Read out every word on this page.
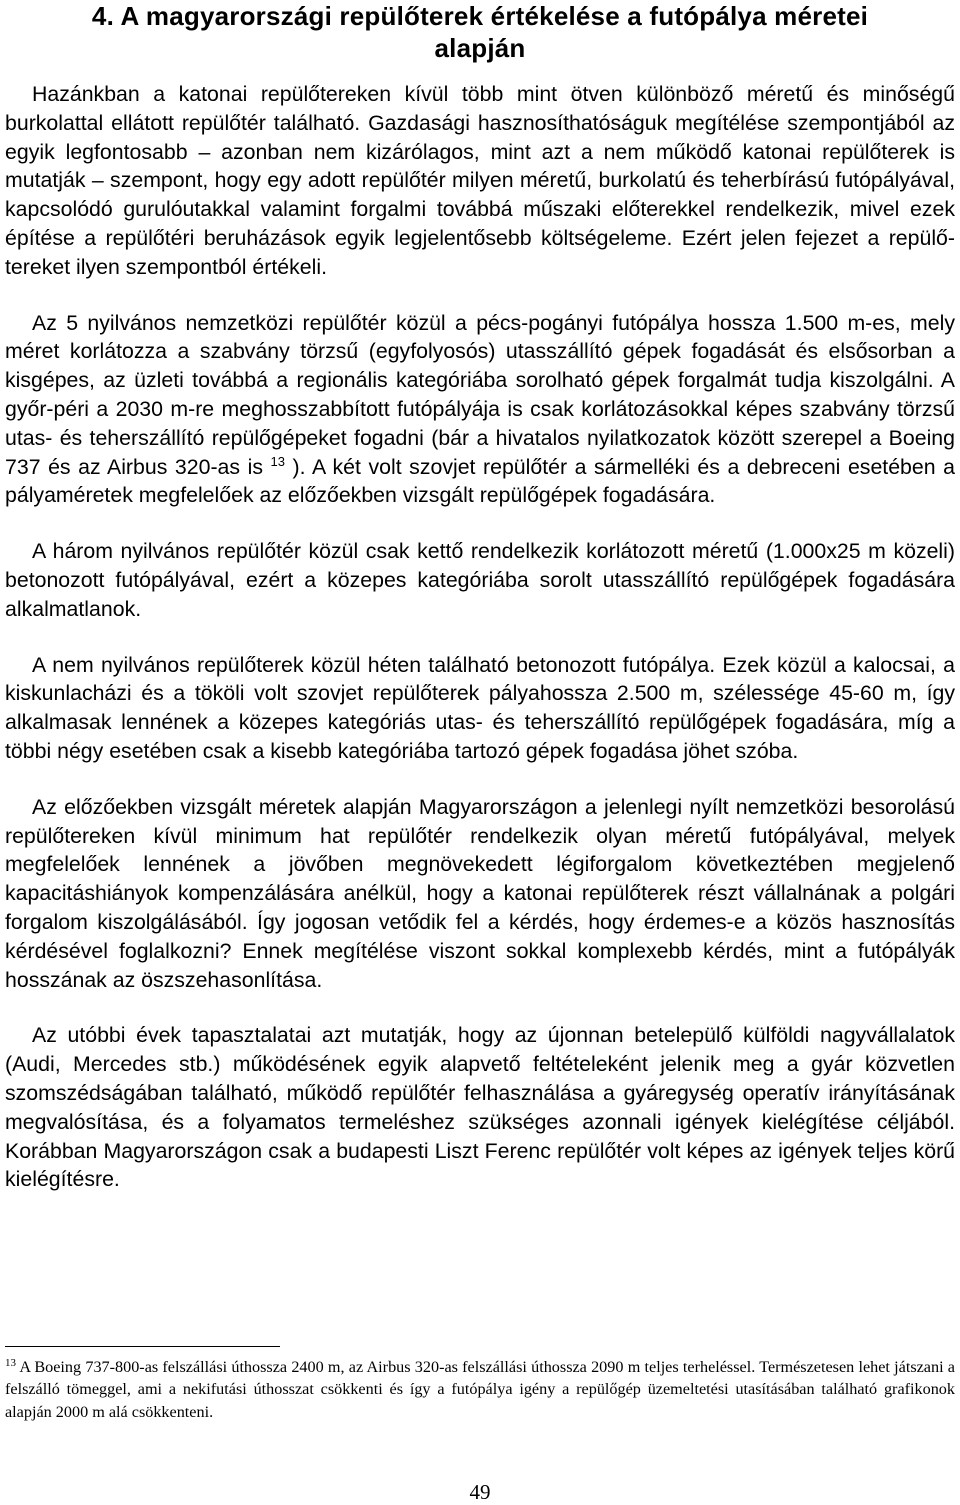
4. A magyarországi repülőterek értékelése a futópálya méretei
alapján

Hazánkban a katonai repülőtereken kívül több mint ötven különböző méretű és minőségű burkolattal ellátott repülőtér található. Gazdasági hasznosíthatóságuk megítélése szempontjából az egyik legfontosabb – azonban nem kizárólagos, mint azt a nem működő katonai repülőterek is mutatják – szempont, hogy egy adott repülőtér milyen méretű, burkolatú és teherbírású futópályával, kapcsolódó gurulóutakkal valamint forgalmi továbbá műszaki előterekkel rendelkezik, mivel ezek építése a repülőtéri beruházások egyik legjelentősebb költségeleme. Ezért jelen fejezet a repülőtereket ilyen szempontból értékeli.

Az 5 nyilvános nemzetközi repülőtér közül a pécs-pogányi futópálya hossza 1.500 m-es, mely méret korlátozza a szabvány törzsű (egyfolyosós) utasszállító gépek fogadását és elsősorban a kisgépes, az üzleti továbbá a regionális kategóriába sorolható gépek forgalmát tudja kiszolgálni. A győr-péri a 2030 m-re meghosszabbított futópályája is csak korlátozásokkal képes szabvány törzsű utas- és teherszállító repülőgépeket fogadni (bár a hivatalos nyilatkozatok között szerepel a Boeing 737 és az Airbus 320-as is $^{13}$ ). A két volt szovjet repülőtér a sármelléki és a debreceni esetében a pályaméretek megfelelőek az előzőekben vizsgált repülőgépek fogadására.

A három nyilvános repülőtér közül csak kettő rendelkezik korlátozott méretű (1.000x25 m közeli) betonozott futópályával, ezért a közepes kategóriába sorolt utasszállító repülőgépek fogadására alkalmatlanok.

A nem nyilvános repülőterek közül héten található betonozott futópálya. Ezek közül a kalocsai, a kiskunlacházi és a tököli volt szovjet repülőterek pályahossza 2.500 m, szélessége 45-60 m, így alkalmasak lennének a közepes kategóriás utas- és teherszállító repülőgépek fogadására, míg a többi négy esetében csak a kisebb kategóriába tartozó gépek fogadása jöhet szóba.

Az előzőekben vizsgált méretek alapján Magyarországon a jelenlegi nyílt nemzetközi besorolású repülőtereken kívül minimum hat repülőtér rendelkezik olyan méretű futópályával, melyek megfelelőek lennének a jövőben megnövekedett légiforgalom következtében megjelenő kapacitáshiányok kompenzálására anélkül, hogy a katonai repülőterek részt vállalnának a polgári forgalom kiszolgálásából. Így jogosan vetődik fel a kérdés, hogy érdemes-e a közös hasznosítás kérdésével foglalkozni? Ennek megítélése viszont sokkal komplexebb kérdés, mint a futópályák hosszának az öszszehasonlítása.

Az utóbbi évek tapasztalatai azt mutatják, hogy az újonnan betelepülő külföldi nagyvállalatok (Audi, Mercedes stb.) működésének egyik alapvető feltételeként jelenik meg a gyár közvetlen szomszédságában található, működő repülőtér felhasználása a gyáregység operatív irányításának megvalósítása, és a folyamatos termeléshez szükséges azonnali igények kielégítése céljából. Korábban Magyarországon csak a budapesti Liszt Ferenc repülőtér volt képes az igények teljes körű kielégítésre.

$^{13}$ A Boeing 737-800-as felszállási úthossza 2400 m, az Airbus 320-as felszállási úthossza 2090 m teljes terheléssel. Természetesen lehet játszani a felszálló tömeggel, ami a nekifutási úthosszat csökkenti és így a futópálya igény a repülőgép üzemeltetési utasításában található grafikonok alapján 2000 m alá csökkenteni.

49
